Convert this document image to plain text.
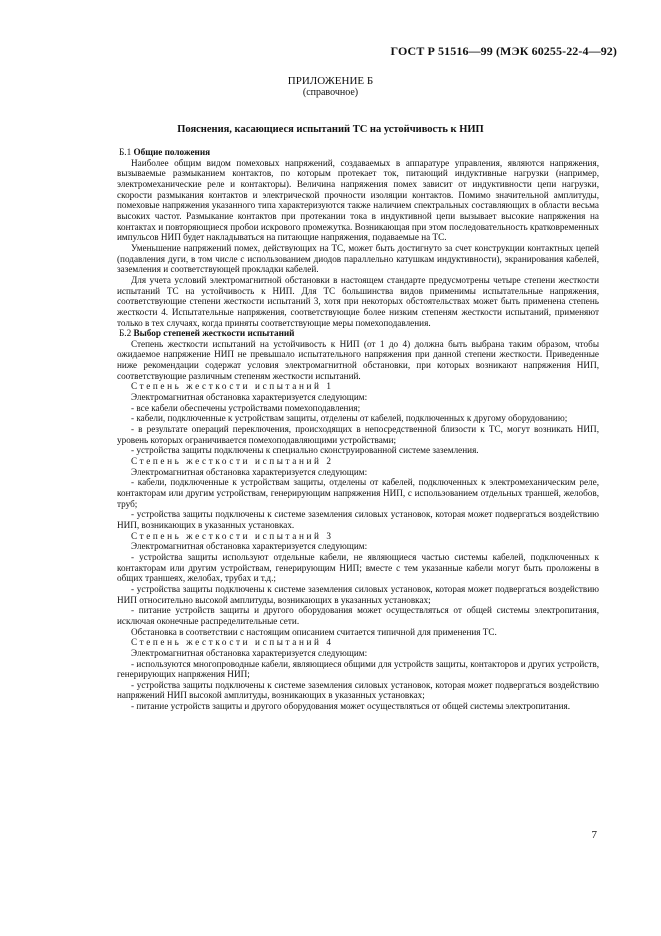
ГОСТ Р 51516—99 (МЭК 60255-22-4—92)
ПРИЛОЖЕНИЕ Б
(справочное)
Пояснения, касающиеся испытаний ТС на устойчивость к НИП

Б.1 Общие положения

Наиболее общим видом помеховых напряжений, создаваемых в аппаратуре управления, являются напряжения, вызываемые размыканием контактов, по которым протекает ток, питающий индуктивные нагрузки (например, электромеханические реле и контакторы). Величина напряжения помех зависит от индуктивности цепи нагрузки, скорости размыкания контактов и электрической прочности изоляции контактов. Помимо значительной амплитуды, помеховые напряжения указанного типа характеризуются также наличием спектральных составляющих в области весьма высоких частот. Размыкание контактов при протекании тока в индуктивной цепи вызывает высокие напряжения на контактах и повторяющиеся пробои искрового промежутка. Возникающая при этом последовательность кратковременных импульсов НИП будет накладываться на питающие напряжения, подаваемые на ТС.

Уменьшение напряжений помех, действующих на ТС, может быть достигнуто за счет конструкции контактных цепей (подавления дуги, в том числе с использованием диодов параллельно катушкам индуктивности), экранирования кабелей, заземления и соответствующей прокладки кабелей.

Для учета условий электромагнитной обстановки в настоящем стандарте предусмотрены четыре степени жесткости испытаний ТС на устойчивость к НИП. Для ТС большинства видов применимы испытательные напряжения, соответствующие степени жесткости испытаний 3, хотя при некоторых обстоятельствах может быть применена степень жесткости 4. Испытательные напряжения, соответствующие более низким степеням жесткости испытаний, применяют только в тех случаях, когда приняты соответствующие меры помехоподавления.

Б.2 Выбор степеней жесткости испытаний

Степень жесткости испытаний на устойчивость к НИП (от 1 до 4) должна быть выбрана таким образом, чтобы ожидаемое напряжение НИП не превышало испытательного напряжения при данной степени жесткости. Приведенные ниже рекомендации содержат условия электромагнитной обстановки, при которых возникают напряжения НИП, соответствующие различным степеням жесткости испытаний.

Степень жесткости испытаний 1

Электромагнитная обстановка характеризуется следующим:

- все кабели обеспечены устройствами помехоподавления;

- кабели, подключенные к устройствам защиты, отделены от кабелей, подключенных к другому оборудованию;

- в результате операций переключения, происходящих в непосредственной близости к ТС, могут возникать НИП, уровень которых ограничивается помехоподавляющими устройствами;

- устройства защиты подключены к специально сконструированной системе заземления.

Степень жесткости испытаний 2

Электромагнитная обстановка характеризуется следующим:

- кабели, подключенные к устройствам защиты, отделены от кабелей, подключенных к электромеханическим реле, контакторам или другим устройствам, генерирующим напряжения НИП, с использованием отдельных траншей, желобов, труб;

- устройства защиты подключены к системе заземления силовых установок, которая может подвергаться воздействию НИП, возникающих в указанных установках.

Степень жесткости испытаний 3

Электромагнитная обстановка характеризуется следующим:

- устройства защиты используют отдельные кабели, не являющиеся частью системы кабелей, подключенных к контакторам или другим устройствам, генерирующим НИП; вместе с тем указанные кабели могут быть проложены в общих траншеях, желобах, трубах и т.д.;

- устройства защиты подключены к системе заземления силовых установок, которая может подвергаться воздействию НИП относительно высокой амплитуды, возникающих в указанных установках;

- питание устройств защиты и другого оборудования может осуществляться от общей системы электропитания, исключая оконечные распределительные сети.

Обстановка в соответствии с настоящим описанием считается типичной для применения ТС.

Степень жесткости испытаний 4

Электромагнитная обстановка характеризуется следующим:

- используются многопроводные кабели, являющиеся общими для устройств защиты, контакторов и других устройств, генерирующих напряжения НИП;

- устройства защиты подключены к системе заземления силовых установок, которая может подвергаться воздействию напряжений НИП высокой амплитуды, возникающих в указанных установках;

- питание устройств защиты и другого оборудования может осуществляться от общей системы электропитания.

7
